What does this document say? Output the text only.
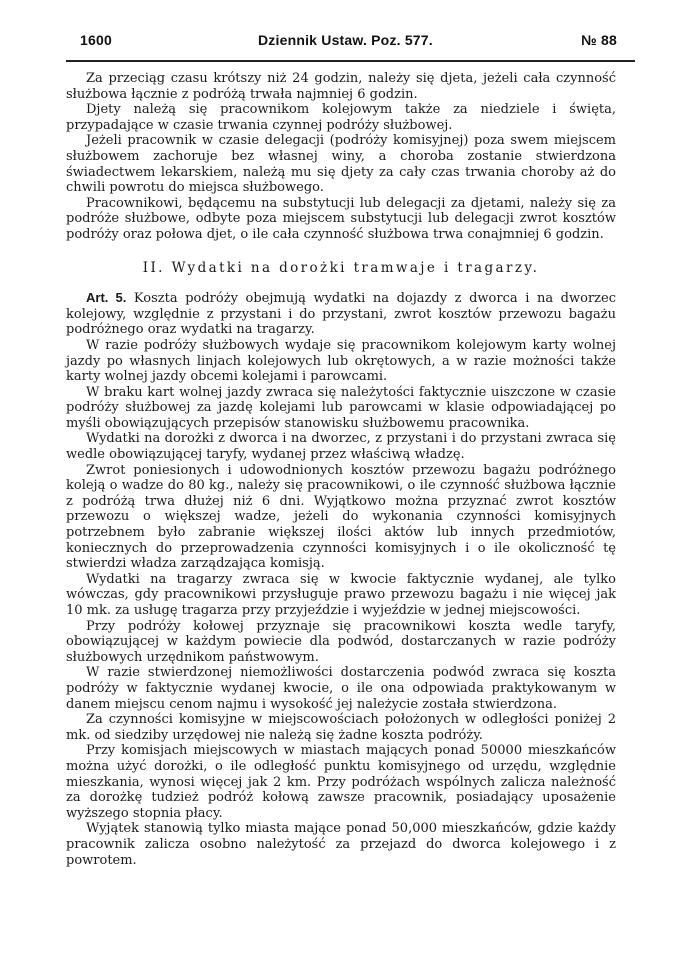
1600	Dziennik Ustaw. Poz. 577.	№ 88

Za przeciąg czasu krótszy niż 24 godzin, należy się djeta, jeżeli cała czynność służbowa łącznie z podróżą trwała najmniej 6 godzin.

Djety należą się pracownikom kolejowym także za niedziele i święta, przypadające w czasie trwania czynnej podróży służbowej.

Jeżeli pracownik w czasie delegacji (podróży komisyjnej) poza swem miejscem służbowem zachoruje bez własnej winy, a choroba zostanie stwierdzona świadectwem lekarskiem, należą mu się djety za cały czas trwania choroby aż do chwili powrotu do miejsca służbowego.

Pracownikowi, będącemu na substytucji lub delegacji za djetami, należy się za podróże służbowe, odbyte poza miejscem substytucji lub delegacji zwrot kosztów podróży oraz połowa djet, o ile cała czynność służbowa trwa conajmniej 6 godzin.

II. Wydatki na dorożki tramwaje i tragarzy.

Art. 5. Koszta podróży obejmują wydatki na dojazdy z dworca i na dworzec kolejowy, względnie z przystani i do przystani, zwrot kosztów przewozu bagażu podróżnego oraz wydatki na tragarzy.

W razie podróży służbowych wydaje się pracownikom kolejowym karty wolnej jazdy po własnych linjach kolejowych lub okrętowych, a w razie możności także karty wolnej jazdy obcemi kolejami i parowcami.

W braku kart wolnej jazdy zwraca się należytości faktycznie uiszczone w czasie podróży służbowej za jazdę kolejami lub parowcami w klasie odpowiadającej po myśli obowiązujących przepisów stanowisku służbowemu pracownika.

Wydatki na dorożki z dworca i na dworzec, z przystani i do przystani zwraca się wedle obowiązującej taryfy, wydanej przez właściwą władzę.

Zwrot poniesionych i udowodnionych kosztów przewozu bagażu podróżnego koleją o wadze do 80 kg., należy się pracownikowi, o ile czynność służbowa łącznie z podróżą trwa dłużej niż 6 dni. Wyjątkowo można przyznać zwrot kosztów przewozu o większej wadze, jeżeli do wykonania czynności komisyjnych potrzebnem było zabranie większej ilości aktów lub innych przedmiotów, koniecznych do przeprowadzenia czynności komisyjnych i o ile okoliczność tę stwierdzi władza zarządzająca komisją.

Wydatki na tragarzy zwraca się w kwocie faktycznie wydanej, ale tylko wówczas, gdy pracownikowi przysługuje prawo przewozu bagażu i nie więcej jak 10 mk. za usługę tragarza przy przyjeździe i wyjeździe w jednej miejscowości.

Przy podróży kołowej przyznaje się pracownikowi koszta wedle taryfy, obowiązującej w każdym powiecie dla podwód, dostarczanych w razie podróży służbowych urzędnikom państwowym.

W razie stwierdzonej niemożliwości dostarczenia podwód zwraca się koszta podróży w faktycznie wydanej kwocie, o ile ona odpowiada praktykowanym w danem miejscu cenom najmu i wysokość jej należycie została stwierdzona.

Za czynności komisyjne w miejscowościach położonych w odległości poniżej 2 mk. od siedziby urzędowej nie należą się żadne koszta podróży.

Przy komisjach miejscowych w miastach mających ponad 50000 mieszkańców można użyć dorożki, o ile odległość punktu komisyjnego od urzędu, względnie mieszkania, wynosi więcej jak 2 km. Przy podróżach wspólnych zalicza należność za dorożkę tudzież podróż kołową zawsze pracownik, posiadający uposażenie wyższego stopnia płacy.

Wyjątek stanowią tylko miasta mające ponad 50,000 mieszkańców, gdzie każdy pracownik zalicza osobno należytość za przejazd do dworca kolejowego i z powrotem.
